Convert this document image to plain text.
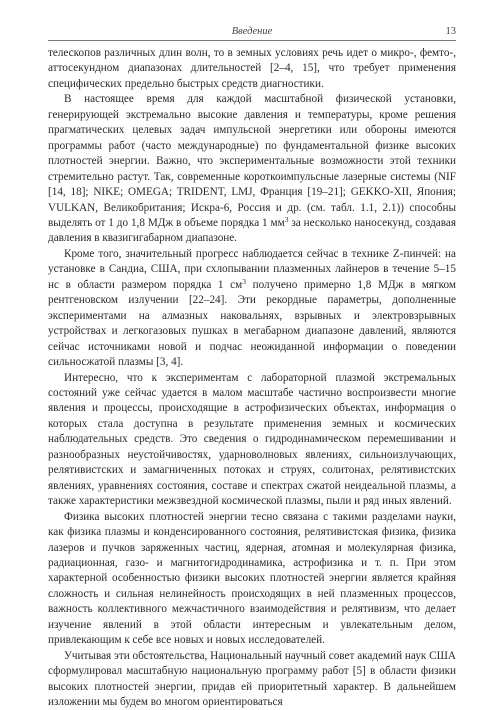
Введение	13

телескопов различных длин волн, то в земных условиях речь идет о микро-, фемто-, аттосекундном диапазонах длительностей [2–4, 15], что требует применения специфических предельно быстрых средств диагностики.

В настоящее время для каждой масштабной физической установки, генерирующей экстремально высокие давления и температуры, кроме решения прагматических целевых задач импульсной энергетики или обороны имеются программы работ (часто международные) по фундаментальной физике высоких плотностей энергии. Важно, что экспериментальные возможности этой техники стремительно растут. Так, современные короткоимпульсные лазерные системы (NIF [14, 18]; NIKE; OMEGA; TRIDENT, LMJ, Франция [19–21]; GEKKO-XII, Япония; VULKAN, Великобритания; Искра-6, Россия и др. (см. табл. 1.1, 2.1)) способны выделять от 1 до 1,8 МДж в объеме порядка 1 $мм^3$ за несколько наносекунд, создавая давления в квазигигабарном диапазоне.

Кроме того, значительный прогресс наблюдается сейчас в технике Z-пинчей: на установке в Сандиа, США, при схлопывании плазменных лайнеров в течение 5–15 нс в области размером порядка 1 $см^3$ получено примерно 1,8 МДж в мягком рентгеновском излучении [22–24]. Эти рекордные параметры, дополненные экспериментами на алмазных наковальнях, взрывных и электровзрывных устройствах и легкогазовых пушках в мегабарном диапазоне давлений, являются сейчас источниками новой и подчас неожиданной информации о поведении сильносжатой плазмы [3, 4].

Интересно, что к экспериментам с лабораторной плазмой экстремальных состояний уже сейчас удается в малом масштабе частично воспроизвести многие явления и процессы, происходящие в астрофизических объектах, информация о которых стала доступна в результате применения земных и космических наблюдательных средств. Это сведения о гидродинамическом перемешивании и разнообразных неустойчивостях, ударноволновых явлениях, сильноизлучающих, релятивистских и замагниченных потоках и струях, солитонах, релятивистских явлениях, уравнениях состояния, составе и спектрах сжатой неидеальной плазмы, а также характеристики межзвездной космической плазмы, пыли и ряд иных явлений.

Физика высоких плотностей энергии тесно связана с такими разделами науки, как физика плазмы и конденсированного состояния, релятивистская физика, физика лазеров и пучков заряженных частиц, ядерная, атомная и молекулярная физика, радиационная, газо- и магнитогидродинамика, астрофизика и т. п. При этом характерной особенностью физики высоких плотностей энергии является крайняя сложность и сильная нелинейность происходящих в ней плазменных процессов, важность коллективного межчастичного взаимодействия и релятивизм, что делает изучение явлений в этой области интересным и увлекательным делом, привлекающим к себе все новых и новых исследователей.

Учитывая эти обстоятельства, Национальный научный совет академий наук США сформулировал масштабную национальную программу работ [5] в области физики высоких плотностей энергии, придав ей приоритетный характер. В дальнейшем изложении мы будем во многом ориентироваться
